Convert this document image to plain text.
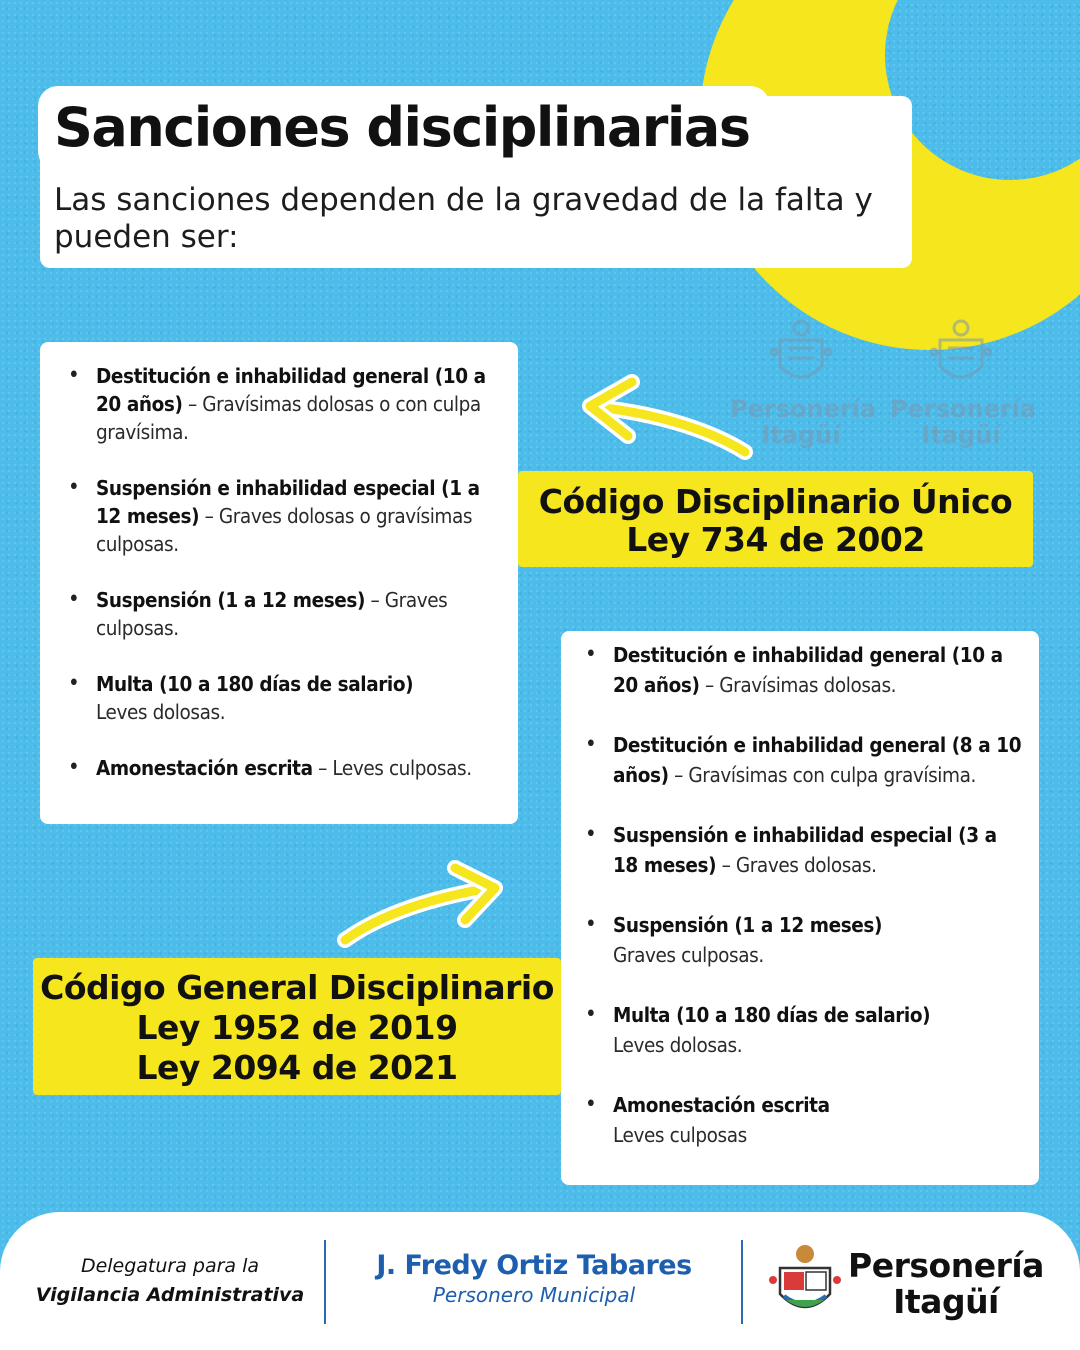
Sanciones disciplinarias

Las sanciones dependen de la gravedad de la falta y pueden ser:

Personería
Itagüí
Personería
Itagüí
• Destitución e inhabilidad general (10 a 20 años) – Gravísimas dolosas o con culpa gravísima.
• Suspensión e inhabilidad especial (1 a 12 meses) – Graves dolosas o gravísimas culposas.
• Suspensión (1 a 12 meses) – Graves culposas.
• Multa (10 a 180 días de salario)
Leves dolosas.
• Amonestación escrita – Leves culposas.
Código Disciplinario Único
Ley 734 de 2002
• Destitución e inhabilidad general (10 a 20 años) – Gravísimas dolosas.
• Destitución e inhabilidad general (8 a 10 años) – Gravísimas con culpa gravísima.
• Suspensión e inhabilidad especial (3 a 18 meses) – Graves dolosas.
• Suspensión (1 a 12 meses)
Graves culposas.
• Multa (10 a 180 días de salario)
Leves dolosas.
• Amonestación escrita
Leves culposas
Código General Disciplinario
Ley 1952 de 2019
Ley 2094 de 2021
Delegatura para la
Vigilancia Administrativa
J. Fredy Ortiz Tabares
Personero Municipal
Personería
Itagüí
